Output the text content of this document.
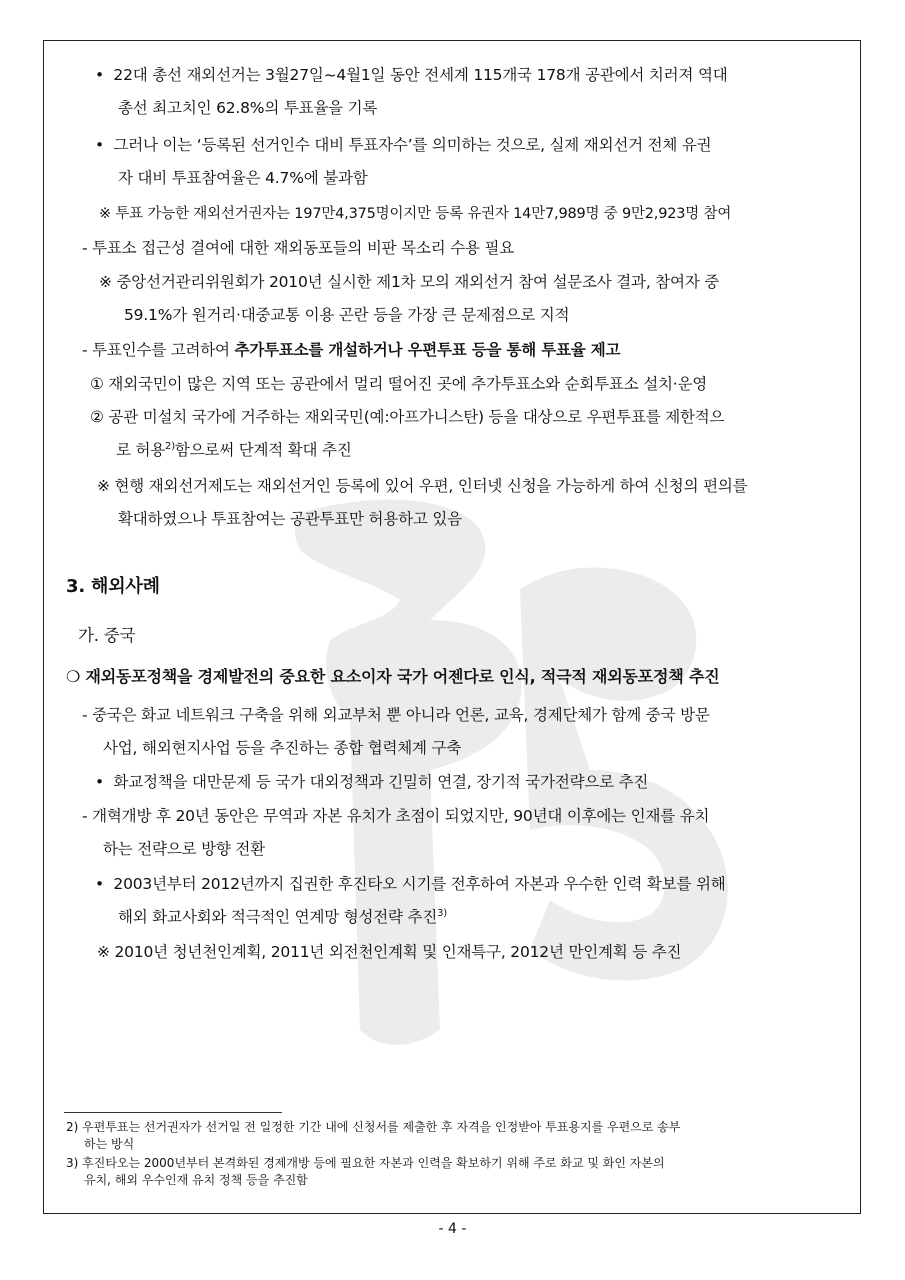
• 22대 총선 재외선거는 3월27일~4월1일 동안 전세계 115개국 178개 공관에서 치러져 역대
총선 최고치인 62.8%의 투표율을 기록
• 그러나 이는 ‘등록된 선거인수 대비 투표자수’를 의미하는 것으로, 실제 재외선거 전체 유권
자 대비 투표참여율은 4.7%에 불과함
※ 투표 가능한 재외선거권자는 197만4,375명이지만 등록 유권자 14만7,989명 중 9만2,923명 참여
- 투표소 접근성 결여에 대한 재외동포들의 비판 목소리 수용 필요
※ 중앙선거관리위원회가 2010년 실시한 제1차 모의 재외선거 참여 설문조사 결과, 참여자 중
59.1%가 원거리·대중교통 이용 곤란 등을 가장 큰 문제점으로 지적
- 투표인수를 고려하여 추가투표소를 개설하거나 우편투표 등을 통해 투표율 제고
① 재외국민이 많은 지역 또는 공관에서 멀리 떨어진 곳에 추가투표소와 순회투표소 설치·운영
② 공관 미설치 국가에 거주하는 재외국민(예:아프가니스탄) 등을 대상으로 우편투표를 제한적으
로 허용$^{2)}$함으로써 단계적 확대 추진
※ 현행 재외선거제도는 재외선거인 등록에 있어 우편, 인터넷 신청을 가능하게 하여 신청의 편의를
확대하였으나 투표참여는 공관투표만 허용하고 있음
3. 해외사례
가. 중국
❍ 재외동포정책을 경제발전의 중요한 요소이자 국가 어젠다로 인식, 적극적 재외동포정책 추진
- 중국은 화교 네트워크 구축을 위해 외교부처 뿐 아니라 언론, 교육, 경제단체가 함께 중국 방문
사업, 해외현지사업 등을 추진하는 종합 협력체계 구축
• 화교정책을 대만문제 등 국가 대외정책과 긴밀히 연결, 장기적 국가전략으로 추진
- 개혁개방 후 20년 동안은 무역과 자본 유치가 초점이 되었지만, 90년대 이후에는 인재를 유치
하는 전략으로 방향 전환
• 2003년부터 2012년까지 집권한 후진타오 시기를 전후하여 자본과 우수한 인력 확보를 위해
해외 화교사회와 적극적인 연계망 형성전략 추진$^{3)}$
※ 2010년 청년천인계획, 2011년 외전천인계획 및 인재특구, 2012년 만인계획 등 추진
2) 우편투표는 선거권자가 선거일 전 일정한 기간 내에 신청서를 제출한 후 자격을 인정받아 투표용지를 우편으로 송부
하는 방식
3) 후진타오는 2000년부터 본격화된 경제개방 등에 필요한 자본과 인력을 확보하기 위해 주로 화교 및 화인 자본의
유치, 해외 우수인재 유치 정책 등을 추진함
- 4 -
